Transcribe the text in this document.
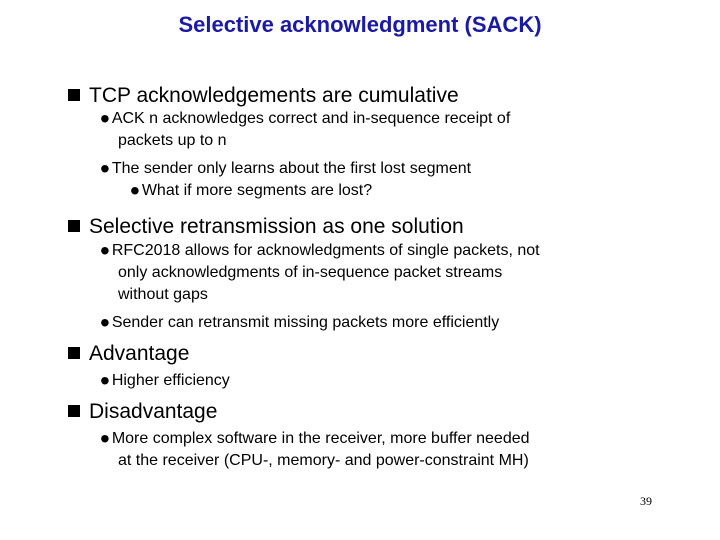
Selective acknowledgment (SACK)
TCP acknowledgements are cumulative
• ACK n acknowledges correct and in-sequence receipt of
packets up to n
• The sender only learns about the first lost segment
• What if more segments are lost?
Selective retransmission as one solution
• RFC2018 allows for acknowledgments of single packets, not
only acknowledgments of in-sequence packet streams
without gaps
• Sender can retransmit missing packets more efficiently
Advantage
• Higher efficiency
Disadvantage
• More complex software in the receiver, more buffer needed
at the receiver (CPU-, memory- and power-constraint MH)
39
